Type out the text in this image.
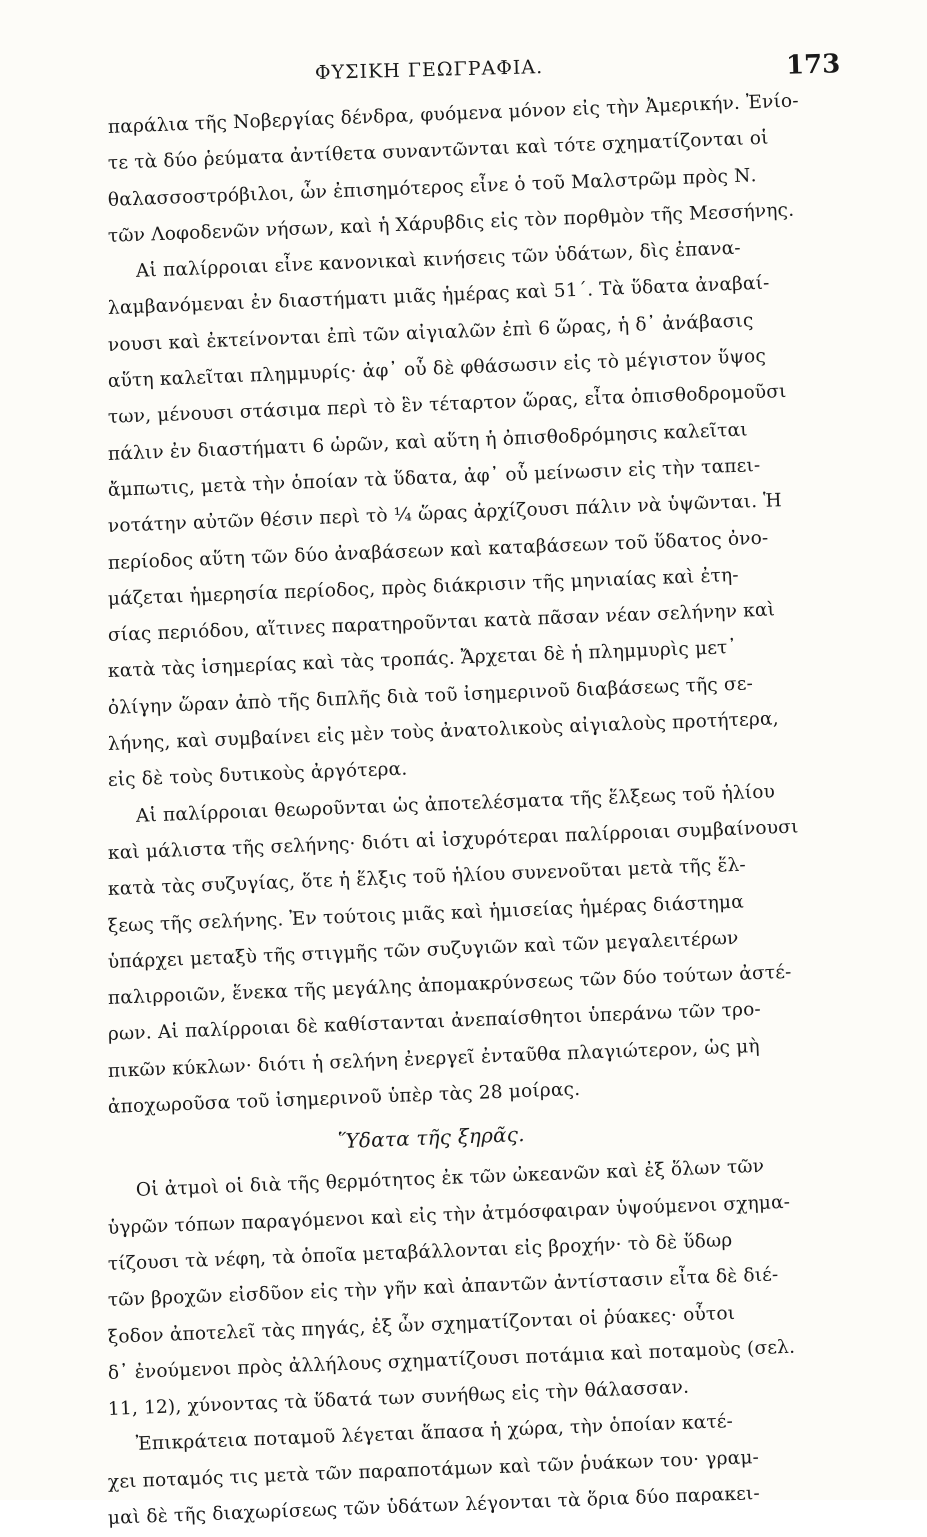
ΦΥΣΙΚΗ ΓΕΩΓΡΑΦΙΑ.	173
παράλια τῆς Νοβεργίας δένδρα, φυόμενα μόνον εἰς τὴν Ἀμερικήν. Ἐνίο-
τε τὰ δύο ῥεύματα ἀντίθετα συναντῶνται καὶ τότε σχηματίζονται οἱ
θαλασσοστρόβιλοι, ὧν ἐπισημότερος εἶνε ὁ τοῦ Μαλστρῶμ πρὸς Ν.
τῶν Λοφοδενῶν νήσων, καὶ ἡ Χάρυβδις εἰς τὸν πορθμὸν τῆς Μεσσήνης.
Αἱ παλίρροιαι εἶνε κανονικαὶ κινήσεις τῶν ὑδάτων, δὶς ἐπανα-
λαμβανόμεναι ἐν διαστήματι μιᾶς ἡμέρας καὶ 51΄. Τὰ ὕδατα ἀναβαί-
νουσι καὶ ἐκτείνονται ἐπὶ τῶν αἰγιαλῶν ἐπὶ 6 ὥρας, ἡ δ᾽ ἀνάβασις
αὕτη καλεῖται πλημμυρίς· ἀφ᾽ οὗ δὲ φθάσωσιν εἰς τὸ μέγιστον ὕψος
των, μένουσι στάσιμα περὶ τὸ ἓν τέταρτον ὥρας, εἶτα ὀπισθοδρομοῦσι
πάλιν ἐν διαστήματι 6 ὡρῶν, καὶ αὕτη ἡ ὀπισθοδρόμησις καλεῖται
ἄμπωτις, μετὰ τὴν ὁποίαν τὰ ὕδατα, ἀφ᾽ οὗ μείνωσιν εἰς τὴν ταπει-
νοτάτην αὐτῶν θέσιν περὶ τὸ ¼ ὥρας ἀρχίζουσι πάλιν νὰ ὑψῶνται. Ἡ
περίοδος αὕτη τῶν δύο ἀναβάσεων καὶ καταβάσεων τοῦ ὕδατος ὀνο-
μάζεται ἡμερησία περίοδος, πρὸς διάκρισιν τῆς μηνιαίας καὶ ἐτη-
σίας περιόδου, αἵτινες παρατηροῦνται κατὰ πᾶσαν νέαν σελήνην καὶ
κατὰ τὰς ἰσημερίας καὶ τὰς τροπάς. Ἄρχεται δὲ ἡ πλημμυρὶς μετ᾽
ὀλίγην ὥραν ἀπὸ τῆς διπλῆς διὰ τοῦ ἰσημερινοῦ διαβάσεως τῆς σε-
λήνης, καὶ συμβαίνει εἰς μὲν τοὺς ἀνατολικοὺς αἰγιαλοὺς προτήτερα,
εἰς δὲ τοὺς δυτικοὺς ἀργότερα.
Αἱ παλίρροιαι θεωροῦνται ὡς ἀποτελέσματα τῆς ἕλξεως τοῦ ἡλίου
καὶ μάλιστα τῆς σελήνης· διότι αἱ ἰσχυρότεραι παλίρροιαι συμβαίνουσι
κατὰ τὰς συζυγίας, ὅτε ἡ ἕλξις τοῦ ἡλίου συνενοῦται μετὰ τῆς ἕλ-
ξεως τῆς σελήνης. Ἐν τούτοις μιᾶς καὶ ἡμισείας ἡμέρας διάστημα
ὑπάρχει μεταξὺ τῆς στιγμῆς τῶν συζυγιῶν καὶ τῶν μεγαλειτέρων
παλιρροιῶν, ἕνεκα τῆς μεγάλης ἀπομακρύνσεως τῶν δύο τούτων ἀστέ-
ρων. Αἱ παλίρροιαι δὲ καθίστανται ἀνεπαίσθητοι ὑπεράνω τῶν τρο-
πικῶν κύκλων· διότι ἡ σελήνη ἐνεργεῖ ἐνταῦθα πλαγιώτερον, ὡς μὴ
ἀποχωροῦσα τοῦ ἰσημερινοῦ ὑπὲρ τὰς 28 μοίρας.
Ὕδατα τῆς ξηρᾶς.
Οἱ ἀτμοὶ οἱ διὰ τῆς θερμότητος ἐκ τῶν ὠκεανῶν καὶ ἐξ ὅλων τῶν
ὑγρῶν τόπων παραγόμενοι καὶ εἰς τὴν ἀτμόσφαιραν ὑψούμενοι σχημα-
τίζουσι τὰ νέφη, τὰ ὁποῖα μεταβάλλονται εἰς βροχήν· τὸ δὲ ὕδωρ
τῶν βροχῶν εἰσδῦον εἰς τὴν γῆν καὶ ἀπαντῶν ἀντίστασιν εἶτα δὲ διέ-
ξοδον ἀποτελεῖ τὰς πηγάς, ἐξ ὧν σχηματίζονται οἱ ῥύακες· οὗτοι
δ᾽ ἐνούμενοι πρὸς ἀλλήλους σχηματίζουσι ποτάμια καὶ ποταμοὺς (σελ.
11, 12), χύνοντας τὰ ὕδατά των συνήθως εἰς τὴν θάλασσαν.
Ἐπικράτεια ποταμοῦ λέγεται ἅπασα ἡ χώρα, τὴν ὁποίαν κατέ-
χει ποταμός τις μετὰ τῶν παραποτάμων καὶ τῶν ῥυάκων του· γραμ-
μαὶ δὲ τῆς διαχωρίσεως τῶν ὑδάτων λέγονται τὰ ὅρια δύο παρακει-
